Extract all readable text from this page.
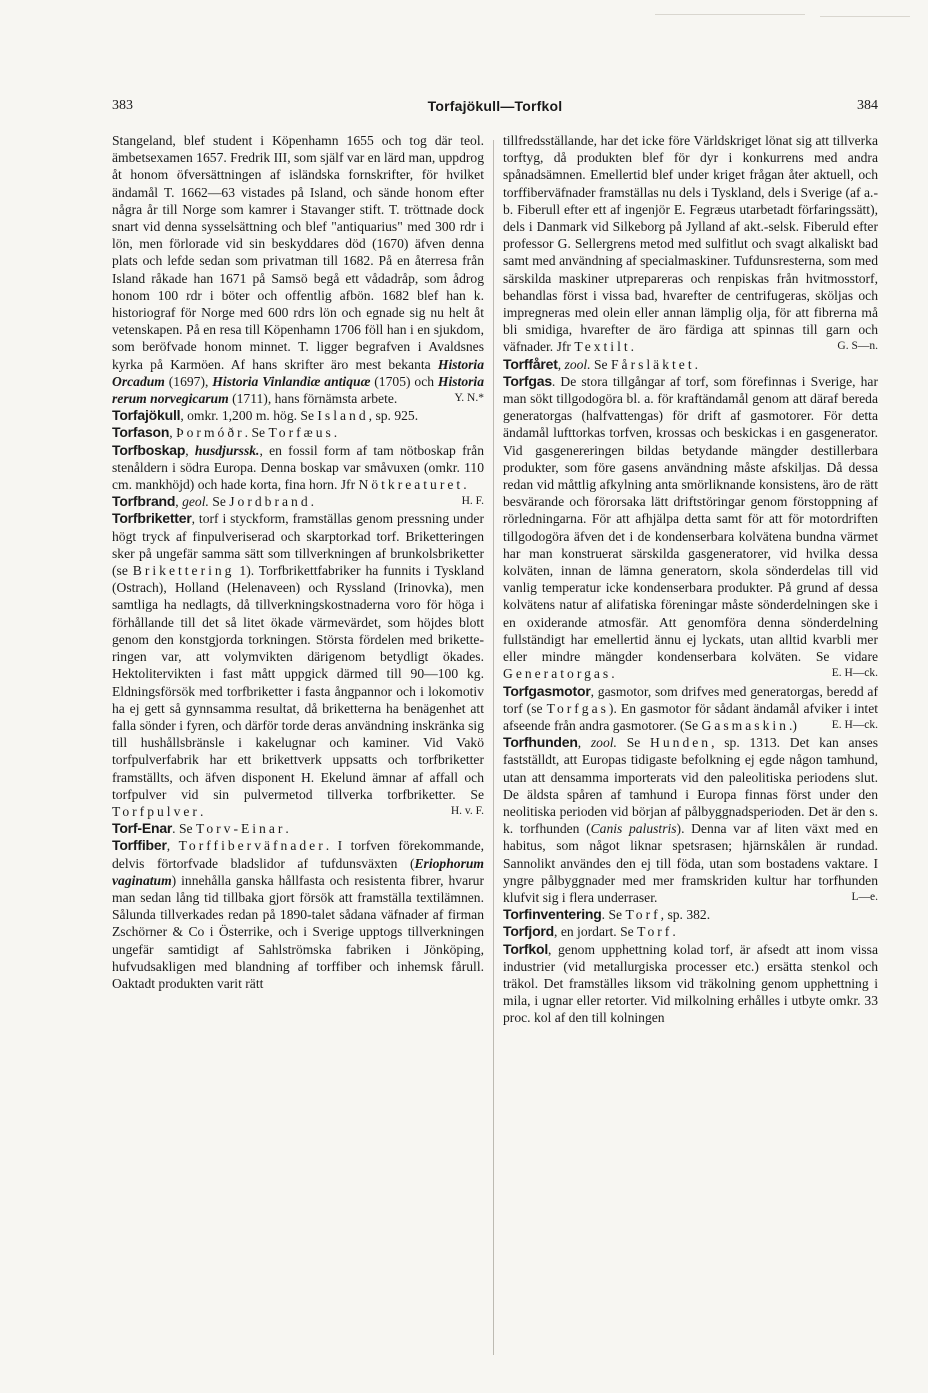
383	Torfajökull—Torfkol	384

Stangeland, blef student i Köpenhamn 1655 och tog där teol. ämbetsexamen 1657. Fredrik III, som själf var en lärd man, uppdrog åt honom öfversättningen af isländska fornskrifter, för hvilket ändamål T. 1662—63 vistades på Island, och sände honom efter några år till Norge som kamrer i Stavanger stift. T. tröttnade dock snart vid denna sysselsättning och blef "antiquarius" med 300 rdr i lön, men förlorade vid sin beskyddares död (1670) äfven denna plats och lefde sedan som privatman till 1682. På en återresa från Island råkade han 1671 på Samsö begå ett vådadråp, som ådrog honom 100 rdr i böter och offentlig afbön. 1682 blef han k. historiograf för Norge med 600 rdrs lön och egnade sig nu helt åt vetenskapen. På en resa till Köpenhamn 1706 föll han i en sjukdom, som beröfvade honom minnet. T. ligger begrafven i Avaldsnes kyrka på Karmöen. Af hans skrifter äro mest bekanta Historia Orcadum (1697), Historia Vinlandiæ antiquæ (1705) och Historia rerum norvegicarum (1711), hans förnämsta arbete.	Y. N.*

Torfajökull, omkr. 1,200 m. hög. Se Island, sp. 925.

Torfason, Þormóðr. Se Torfæus.

Torfboskap, husdjurssk., en fossil form af tam nötboskap från stenåldern i södra Europa. Denna boskap var småvuxen (omkr. 110 cm. mankhöjd) och hade korta, fina horn. Jfr Nötkreaturet.
H. F.

Torfbrand, geol. Se Jordbrand.

Torfbriketter, torf i styckform, framställas genom pressning under högt tryck af finpulveriserad och skarptorkad torf. Briketteringen sker på ungefär samma sätt som tillverkningen af brunkolsbriketter (se Brikettering 1). Torfbrikettfabriker ha funnits i Tyskland (Ostrach), Holland (Helenaveen) och Ryssland (Irinovka), men samtliga ha nedlagts, då tillverkningskostnaderna voro för höga i förhållande till det så litet ökade värmevärdet, som höjdes blott genom den konstgjorda torkningen. Största fördelen med brikette-ringen var, att volymvikten därigenom betydligt ökades. Hektolitervikten i fast mått uppgick därmed till 90—100 kg. Eldningsförsök med torfbriketter i fasta ångpannor och i lokomotiv ha ej gett så gynnsamma resultat, då briketterna ha benägenhet att falla sönder i fyren, och därför torde deras användning inskränka sig till hushållsbränsle i kakelugnar och kaminer. Vid Vakö torfpulverfabrik har ett brikettverk uppsatts och torfbriketter framställts, och äfven disponent H. Ekelund ämnar af affall och torfpulver vid sin pulvermetod tillverka torfbriketter. Se Torfpulver.	H. v. F.

Torf-Enar. Se Torv-Einar.

Torffiber, Torffiberväfnader. I torfven förekommande, delvis förtorfvade bladslidor af tufdunsväxten (Eriophorum vaginatum) innehålla ganska hållfasta och resistenta fibrer, hvarur man sedan lång tid tillbaka gjort försök att framställa textilämnen. Sålunda tillverkades redan på 1890-talet sådana väfnader af firman Zschörner & Co i Österrike, och i Sverige upptogs tillverkningen ungefär samtidigt af Sahlströmska fabriken i Jönköping, hufvudsakligen med blandning af torffiber och inhemsk fårull. Oaktadt produkten varit rätt

tillfredsställande, har det icke före Världskriget lönat sig att tillverka torftyg, då produkten blef för dyr i konkurrens med andra spånadsämnen. Emellertid blef under kriget frågan åter aktuell, och torffiberväfnader framställas nu dels i Tyskland, dels i Sverige (af a.-b. Fiberull efter ett af ingenjör E. Fegræus utarbetadt förfaringssätt), dels i Danmark vid Silkeborg på Jylland af akt.-selsk. Fiberuld efter professor G. Sellergrens metod med sulfitlut och svagt alkaliskt bad samt med användning af specialmaskiner. Tufdunsresterna, som med särskilda maskiner utprepareras och renpiskas från hvitmosstorf, behandlas först i vissa bad, hvarefter de centrifugeras, sköljas och impregneras med olein eller annan lämplig olja, för att fibrerna må bli smidiga, hvarefter de äro färdiga att spinnas till garn och väfnader. Jfr Textilt.	G. S—n.

Torffåret, zool. Se Fårsläktet.

Torfgas. De stora tillgångar af torf, som förefinnas i Sverige, har man sökt tillgodogöra bl. a. för kraftändamål genom att däraf bereda generatorgas (halfvattengas) för drift af gasmotorer. För detta ändamål lufttorkas torfven, krossas och beskickas i en gasgenerator. Vid gasgenereringen bildas betydande mängder destillerbara produkter, som före gasens användning måste afskiljas. Då dessa redan vid måttlig afkylning anta smörliknande konsistens, äro de rätt besvärande och förorsaka lätt driftstöringar genom förstoppning af rörledningarna. För att afhjälpa detta samt för att för motordriften tillgodogöra äfven det i de kondenserbara kolvätena bundna värmet har man konstruerat särskilda gasgeneratorer, vid hvilka dessa kolväten, innan de lämna generatorn, skola sönderdelas till vid vanlig temperatur icke kondenserbara produkter. På grund af dessa kolvätens natur af alifatiska föreningar måste sönderdelningen ske i en oxiderande atmosfär. Att genomföra denna sönderdelning fullständigt har emellertid ännu ej lyckats, utan alltid kvarbli mer eller mindre mängder kondenserbara kolväten. Se vidare Generatorgas.	E. H—ck.

Torfgasmotor, gasmotor, som drifves med generatorgas, beredd af torf (se Torfgas). En gasmotor för sådant ändamål afviker i intet afseende från andra gasmotorer. (Se Gasmaskin.)	E. H—ck.

Torfhunden, zool. Se Hunden, sp. 1313. Det kan anses fastställdt, att Europas tidigaste befolkning ej egde någon tamhund, utan att densamma importerats vid den paleolitiska periodens slut. De äldsta spåren af tamhund i Europa finnas först under den neolitiska perioden vid början af pålbyggnadsperioden. Det är den s. k. torfhunden (Canis palustris). Denna var af liten växt med en habitus, som något liknar spetsrasen; hjärnskålen är rundad. Sannolikt användes den ej till föda, utan som bostadens vaktare. I yngre pålbyggnader med mer framskriden kultur har torfhunden klufvit sig i flera underraser.	L—e.

Torfinventering. Se Torf, sp. 382.

Torfjord, en jordart. Se Torf.

Torfkol, genom upphettning kolad torf, är afsedt att inom vissa industrier (vid metallurgiska processer etc.) ersätta stenkol och träkol. Det framställes liksom vid träkolning genom upphettning i mila, i ugnar eller retorter. Vid milkolning erhålles i utbyte omkr. 33 proc. kol af den till kolningen
